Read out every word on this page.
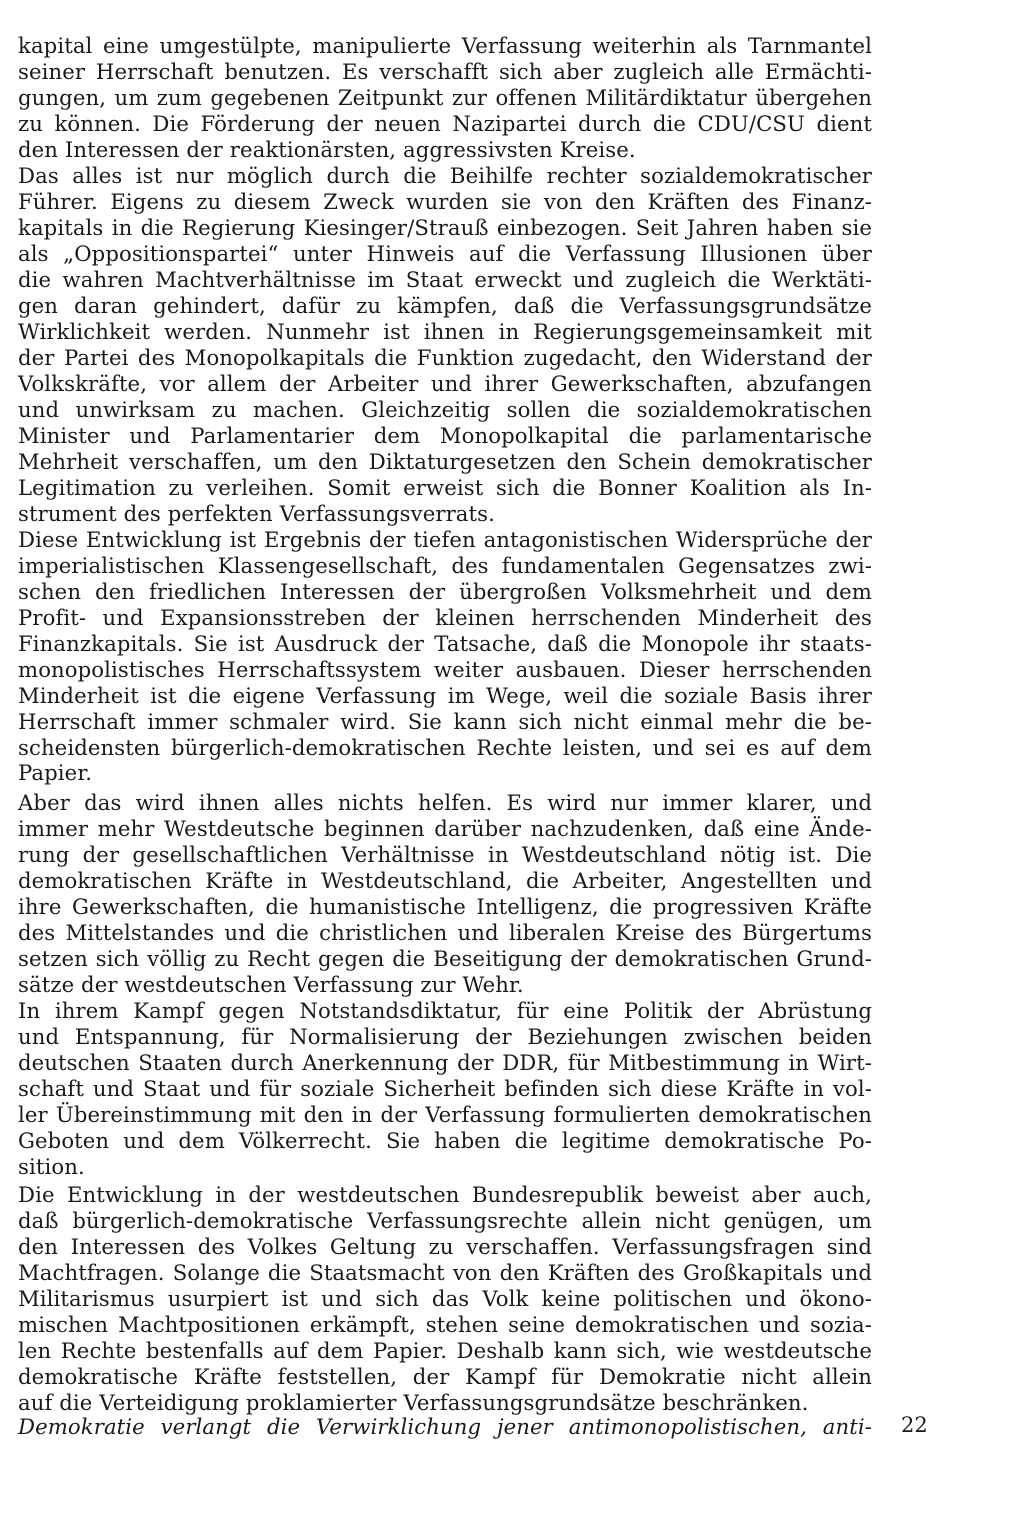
kapital eine umgestülpte, manipulierte Verfassung weiterhin als Tarnmantel
seiner Herrschaft benutzen. Es verschafft sich aber zugleich alle Ermächti-
gungen, um zum gegebenen Zeitpunkt zur offenen Militärdiktatur übergehen
zu können. Die Förderung der neuen Nazipartei durch die CDU/CSU dient
den Interessen der reaktionärsten, aggressivsten Kreise.
Das alles ist nur möglich durch die Beihilfe rechter sozialdemokratischer
Führer. Eigens zu diesem Zweck wurden sie von den Kräften des Finanz-
kapitals in die Regierung Kiesinger/Strauß einbezogen. Seit Jahren haben sie
als „Oppositionspartei“ unter Hinweis auf die Verfassung Illusionen über
die wahren Machtverhältnisse im Staat erweckt und zugleich die Werktäti-
gen daran gehindert, dafür zu kämpfen, daß die Verfassungsgrundsätze
Wirklichkeit werden. Nunmehr ist ihnen in Regierungsgemeinsamkeit mit
der Partei des Monopolkapitals die Funktion zugedacht, den Widerstand der
Volkskräfte, vor allem der Arbeiter und ihrer Gewerkschaften, abzufangen
und unwirksam zu machen. Gleichzeitig sollen die sozialdemokratischen
Minister und Parlamentarier dem Monopolkapital die parlamentarische
Mehrheit verschaffen, um den Diktaturgesetzen den Schein demokratischer
Legitimation zu verleihen. Somit erweist sich die Bonner Koalition als In-
strument des perfekten Verfassungsverrats.
Diese Entwicklung ist Ergebnis der tiefen antagonistischen Widersprüche der
imperialistischen Klassengesellschaft, des fundamentalen Gegensatzes zwi-
schen den friedlichen Interessen der übergroßen Volksmehrheit und dem
Profit- und Expansionsstreben der kleinen herrschenden Minderheit des
Finanzkapitals. Sie ist Ausdruck der Tatsache, daß die Monopole ihr staats-
monopolistisches Herrschaftssystem weiter ausbauen. Dieser herrschenden
Minderheit ist die eigene Verfassung im Wege, weil die soziale Basis ihrer
Herrschaft immer schmaler wird. Sie kann sich nicht einmal mehr die be-
scheidensten bürgerlich-demokratischen Rechte leisten, und sei es auf dem
Papier.
Aber das wird ihnen alles nichts helfen. Es wird nur immer klarer, und
immer mehr Westdeutsche beginnen darüber nachzudenken, daß eine Ände-
rung der gesellschaftlichen Verhältnisse in Westdeutschland nötig ist. Die
demokratischen Kräfte in Westdeutschland, die Arbeiter, Angestellten und
ihre Gewerkschaften, die humanistische Intelligenz, die progressiven Kräfte
des Mittelstandes und die christlichen und liberalen Kreise des Bürgertums
setzen sich völlig zu Recht gegen die Beseitigung der demokratischen Grund-
sätze der westdeutschen Verfassung zur Wehr.
In ihrem Kampf gegen Notstandsdiktatur, für eine Politik der Abrüstung
und Entspannung, für Normalisierung der Beziehungen zwischen beiden
deutschen Staaten durch Anerkennung der DDR, für Mitbestimmung in Wirt-
schaft und Staat und für soziale Sicherheit befinden sich diese Kräfte in vol-
ler Übereinstimmung mit den in der Verfassung formulierten demokratischen
Geboten und dem Völkerrecht. Sie haben die legitime demokratische Po-
sition.
Die Entwicklung in der westdeutschen Bundesrepublik beweist aber auch,
daß bürgerlich-demokratische Verfassungsrechte allein nicht genügen, um
den Interessen des Volkes Geltung zu verschaffen. Verfassungsfragen sind
Machtfragen. Solange die Staatsmacht von den Kräften des Großkapitals und
Militarismus usurpiert ist und sich das Volk keine politischen und ökono-
mischen Machtpositionen erkämpft, stehen seine demokratischen und sozia-
len Rechte bestenfalls auf dem Papier. Deshalb kann sich, wie westdeutsche
demokratische Kräfte feststellen, der Kampf für Demokratie nicht allein
auf die Verteidigung proklamierter Verfassungsgrundsätze beschränken.
Demokratie verlangt die Verwirklichung jener antimonopolistischen, anti- 22
